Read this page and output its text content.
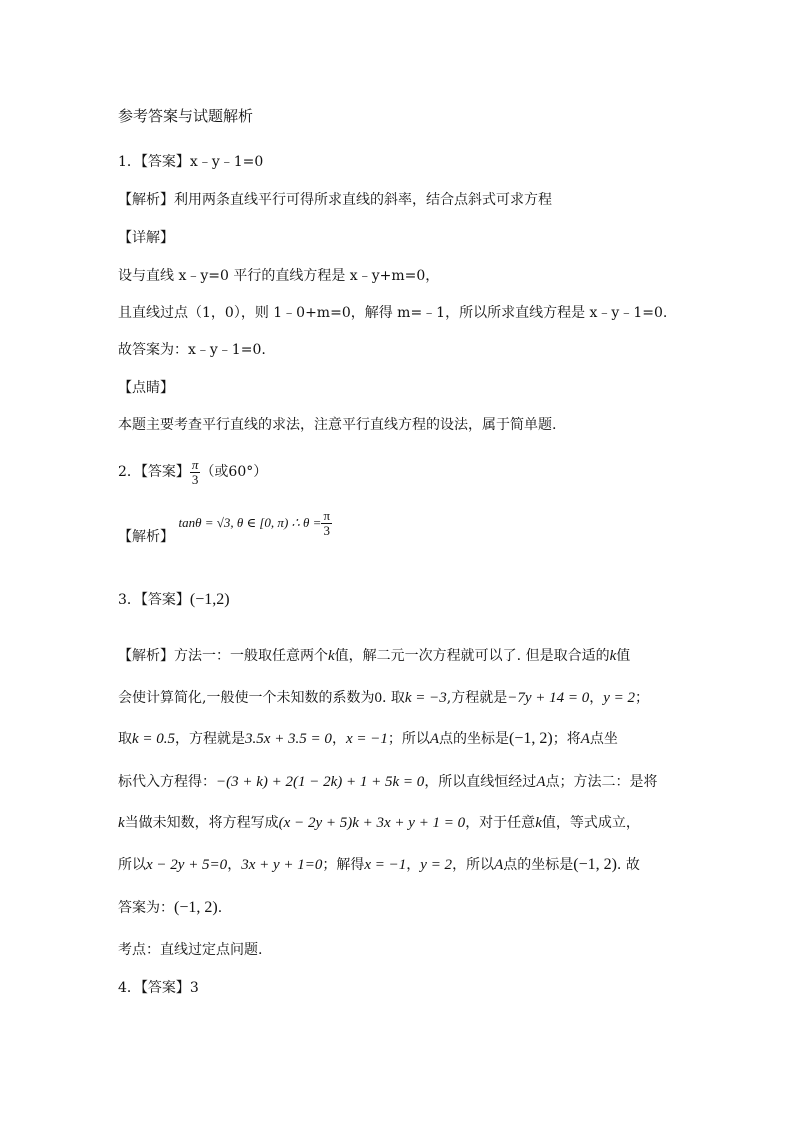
参考答案与试题解析
1．【答案】x﹣y﹣1=0
【解析】利用两条直线平行可得所求直线的斜率，结合点斜式可求方程
【详解】
设与直线 x﹣y=0 平行的直线方程是 x﹣y+m=0，
且直线过点（1，0），则 1﹣0+m=0，解得 m=﹣1，所以所求直线方程是 x﹣y﹣1=0.
故答案为：x﹣y﹣1=0.
【点睛】
本题主要考查平行直线的求法，注意平行直线方程的设法，属于简单题.
2．【答案】 $\frac{\pi}{3}$ （或60°）
【解析】 tanθ = √3, θ ∈ [0, π) ∴ $\theta = \frac{\pi}{3}$
3．【答案】(−1,2)
【解析】方法一：一般取任意两个k值，解二元一次方程就可以了. 但是取合适的k值
会使计算简化,一般使一个未知数的系数为0. 取k = −3,方程就是−7y + 14 = 0，y = 2；
取k = 0.5，方程就是3.5x + 3.5 = 0，x = −1；所以A点的坐标是(−1, 2)；将A点坐
标代入方程得：−(3 + k) + 2(1 − 2k) + 1 + 5k = 0，所以直线恒经过A点；方法二：是将
k当做未知数，将方程写成(x − 2y + 5)k + 3x + y + 1 = 0，对于任意k值，等式成立，
所以x − 2y + 5=0，3x + y + 1=0；解得x = −1，y = 2，所以A点的坐标是(−1, 2). 故
答案为：(−1, 2).
考点：直线过定点问题.
4．【答案】3
